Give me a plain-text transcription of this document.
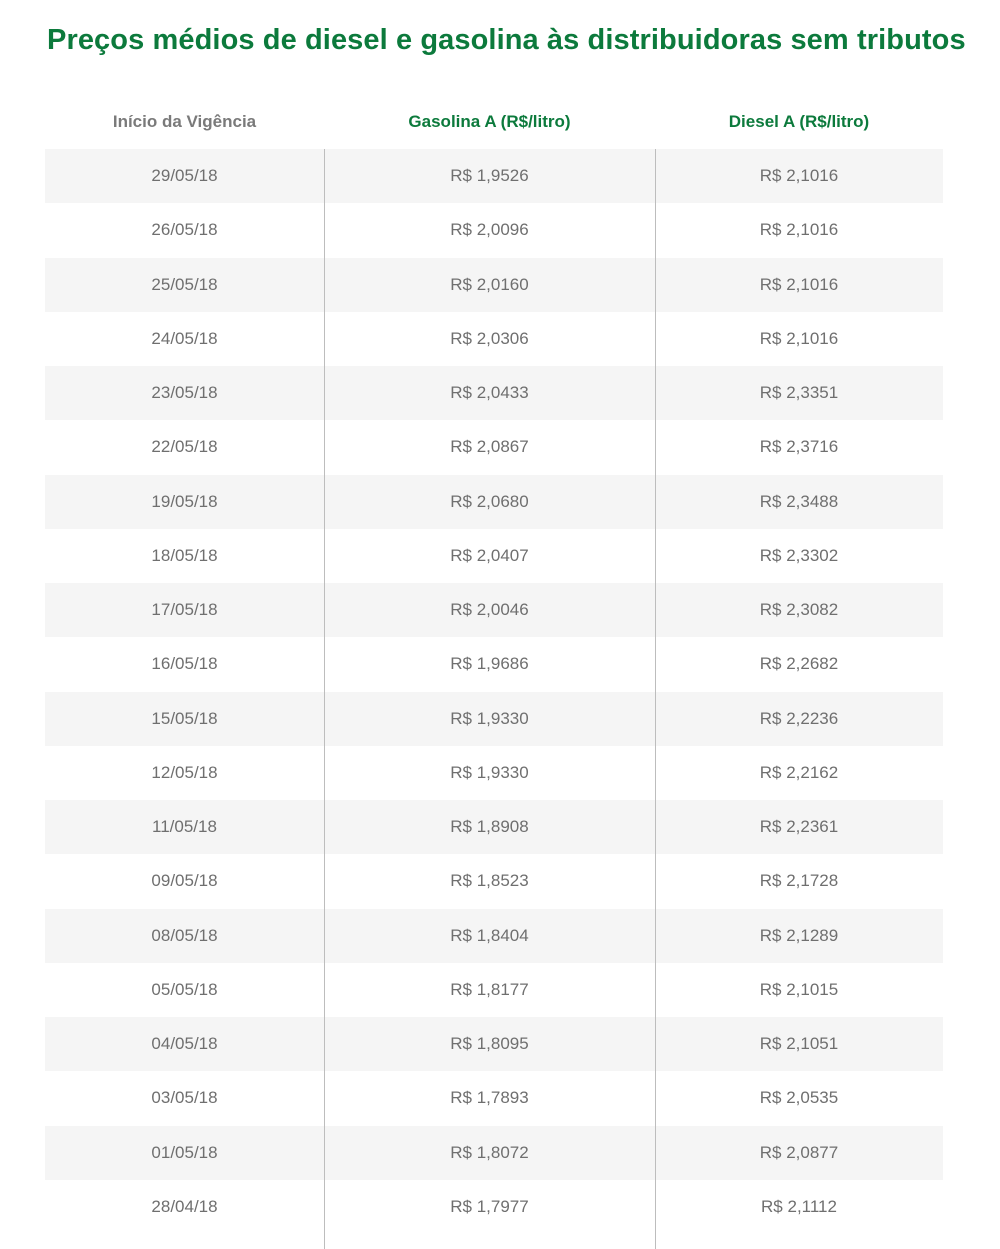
Preços médios de diesel e gasolina às distribuidoras sem tributos
Início da Vigência	Gasolina A (R$/litro)	Diesel A (R$/litro)
29/05/18	R$ 1,9526	R$ 2,1016
26/05/18	R$ 2,0096	R$ 2,1016
25/05/18	R$ 2,0160	R$ 2,1016
24/05/18	R$ 2,0306	R$ 2,1016
23/05/18	R$ 2,0433	R$ 2,3351
22/05/18	R$ 2,0867	R$ 2,3716
19/05/18	R$ 2,0680	R$ 2,3488
18/05/18	R$ 2,0407	R$ 2,3302
17/05/18	R$ 2,0046	R$ 2,3082
16/05/18	R$ 1,9686	R$ 2,2682
15/05/18	R$ 1,9330	R$ 2,2236
12/05/18	R$ 1,9330	R$ 2,2162
11/05/18	R$ 1,8908	R$ 2,2361
09/05/18	R$ 1,8523	R$ 2,1728
08/05/18	R$ 1,8404	R$ 2,1289
05/05/18	R$ 1,8177	R$ 2,1015
04/05/18	R$ 1,8095	R$ 2,1051
03/05/18	R$ 1,7893	R$ 2,0535
01/05/18	R$ 1,8072	R$ 2,0877
28/04/18	R$ 1,7977	R$ 2,1112
